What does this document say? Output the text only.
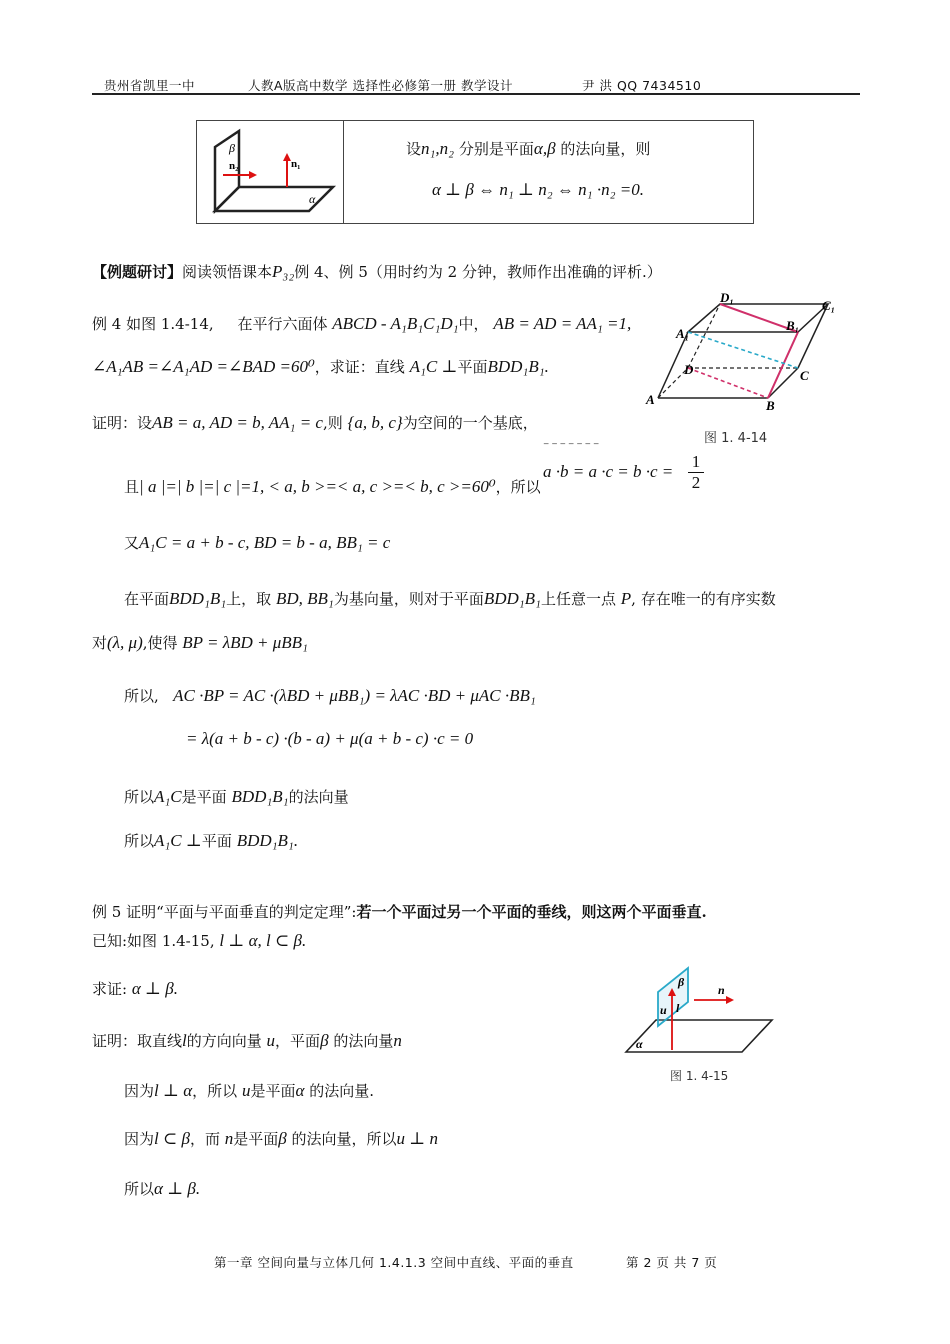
贵州省凯里一中	人教A版高中数学 选择性必修第一册 教学设计	尹 洪 QQ 7434510
β
n₂	n₁
α
设n₁,n₂ 分别是平面α,β 的法向量，则
α ⊥ β ⇔ n₁ ⊥ n₂ ⇔ n₁ ·n₂ =0.
【例题研讨】阅读领悟课本P₃₂例 4、例 5（用时约为 2 分钟，教师作出准确的评析.）
例 4 如图 1.4-14, 在平行六面体 ABCD - A₁B₁C₁D₁中， AB = AD = AA₁ =1,
∠A₁AB =∠A₁AD =∠BAD =60⁰，求证：直线 A₁C ⊥平面BDD₁B₁.
证明：设AB = a, AD = b, AA₁ = c,则 {a, b, c}为空间的一个基底，
⁻⁻⁻⁻⁻⁻⁻
且| a |=| b |=| c |=1, < a, b >=< a, c >=< b, c >=60⁰，所以
a ·b = a ·c = b ·c =
1
2
又A₁C = a + b - c, BD = b - a, BB₁ = c
在平面BDD₁B₁上，取 BD, BB₁为基向量，则对于平面BDD₁B₁上任意一点 P, 存在唯一的有序实数
对(λ, μ),使得 BP = λBD + μBB₁
所以, AC ·BP = AC ·(λBD + μBB₁) = λAC ·BD + μAC ·BB₁
= λ(a + b - c) ·(b - a) + μ(a + b - c) ·c = 0
所以A₁C是平面 BDD₁B₁的法向量
所以A₁C ⊥平面 BDD₁B₁.
D₁
C₁
A₁
B₁
D	C
A	B
图 1. 4-14
例 5 证明“平面与平面垂直的判定定理”:若一个平面过另一个平面的垂线，则这两个平面垂直.
已知:如图 1.4-15, l ⊥ α, l ⊂ β.
求证: α ⊥ β.
证明：取直线l的方向向量 u，平面β 的法向量n
因为l ⊥ α，所以 u是平面α 的法向量.
因为l ⊂ β，而 n是平面β 的法向量，所以u ⊥ n
所以α ⊥ β.
β
n
u l
α
图 1. 4-15
第一章 空间向量与立体几何 1.4.1.3 空间中直线、平面的垂直	第 2 页 共 7 页
